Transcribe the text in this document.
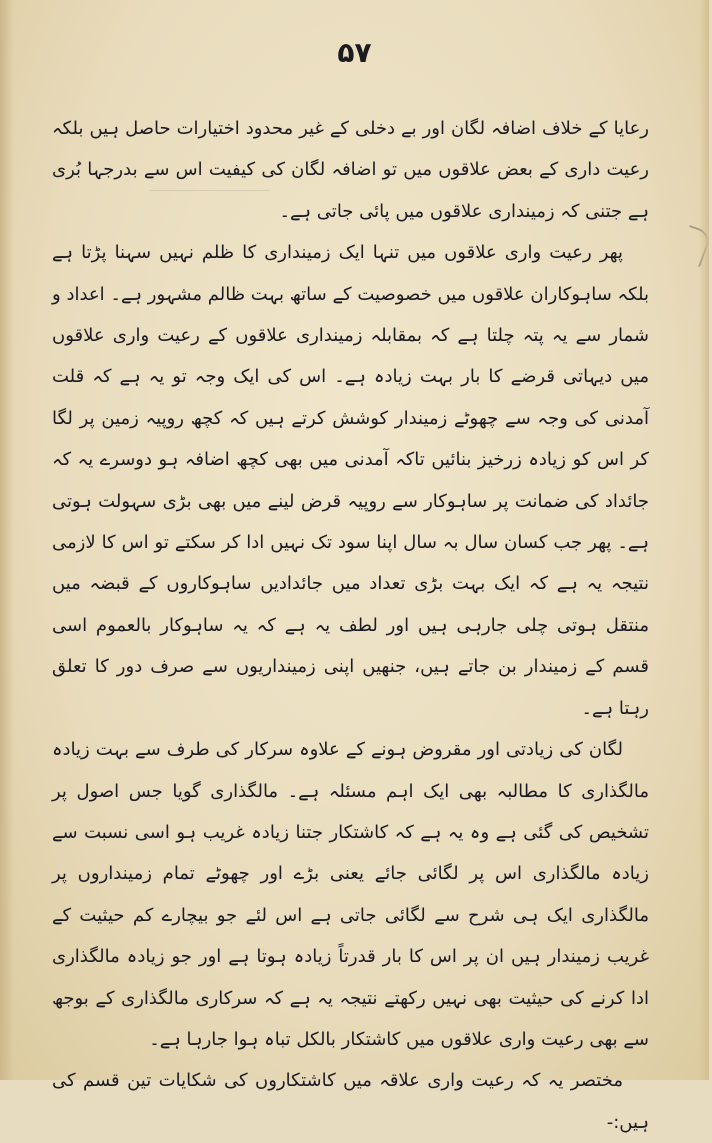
۵۷

رعایا کے خلاف اضافہ لگان اور بے دخلی کے غیر محدود اختیارات حاصل ہیں بلکہ رعیت داری کے بعض علاقوں میں تو اضافہ لگان کی کیفیت اس سے بدرجہا بُری ہے جتنی کہ زمینداری علاقوں میں پائی جاتی ہے۔

پھر رعیت واری علاقوں میں تنہا ایک زمینداری کا ظلم نہیں سہنا پڑتا ہے بلکہ ساہوکاران علاقوں میں خصوصیت کے ساتھ بہت ظالم مشہور ہے۔ اعداد و شمار سے یہ پتہ چلتا ہے کہ بمقابلہ زمینداری علاقوں کے رعیت واری علاقوں میں دیہاتی قرضے کا بار بہت زیادہ ہے۔ اس کی ایک وجہ تو یہ ہے کہ قلت آمدنی کی وجہ سے چھوٹے زمیندار کوشش کرتے ہیں کہ کچھ روپیہ زمین پر لگا کر اس کو زیادہ زرخیز بنائیں تاکہ آمدنی میں بھی کچھ اضافہ ہو دوسرے یہ کہ جائداد کی ضمانت پر ساہوکار سے روپیہ قرض لینے میں بھی بڑی سہولت ہوتی ہے۔ پھر جب کسان سال بہ سال اپنا سود تک نہیں ادا کر سکتے تو اس کا لازمی نتیجہ یہ ہے کہ ایک بہت بڑی تعداد میں جائدادیں ساہوکاروں کے قبضہ میں منتقل ہوتی چلی جارہی ہیں اور لطف یہ ہے کہ یہ ساہوکار بالعموم اسی قسم کے زمیندار بن جاتے ہیں، جنھیں اپنی زمینداریوں سے صرف دور کا تعلق رہتا ہے۔

لگان کی زیادتی اور مقروض ہونے کے علاوہ سرکار کی طرف سے بہت زیادہ مالگذاری کا مطالبہ بھی ایک اہم مسئلہ ہے۔ مالگذاری گویا جس اصول پر تشخیص کی گئی ہے وہ یہ ہے کہ کاشتکار جتنا زیادہ غریب ہو اسی نسبت سے زیادہ مالگذاری اس پر لگائی جائے یعنی بڑے اور چھوٹے تمام زمینداروں پر مالگذاری ایک ہی شرح سے لگائی جاتی ہے اس لئے جو بیچارے کم حیثیت کے غریب زمیندار ہیں ان پر اس کا بار قدرتاً زیادہ ہوتا ہے اور جو زیادہ مالگذاری ادا کرنے کی حیثیت بھی نہیں رکھتے نتیجہ یہ ہے کہ سرکاری مالگذاری کے بوجھ سے بھی رعیت واری علاقوں میں کاشتکار بالکل تباہ ہوا جارہا ہے۔

مختصر یہ کہ رعیت واری علاقہ میں کاشتکاروں کی شکایات تین قسم کی ہیں:-
